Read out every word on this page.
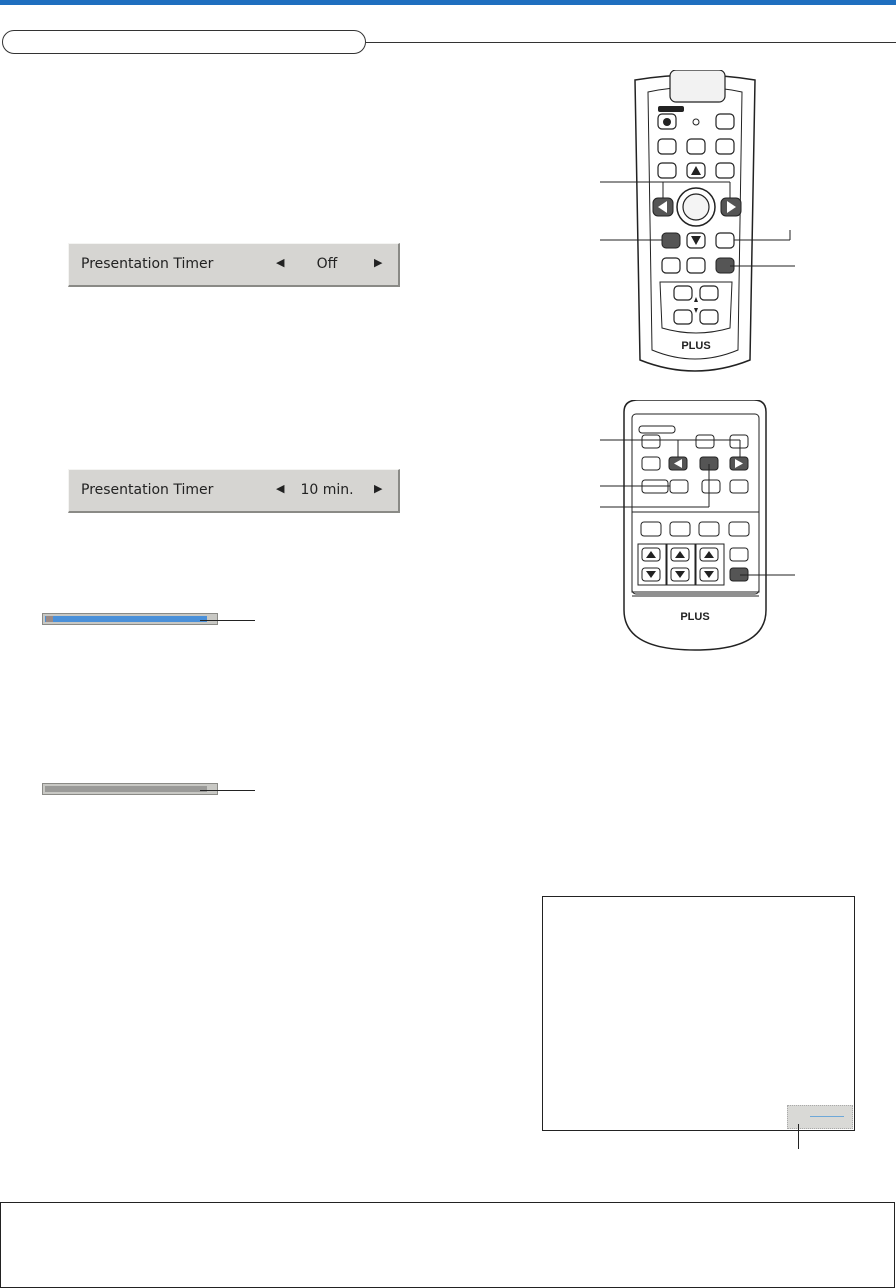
Presentation Timer	◀	Off	▶
Presentation Timer	◀	10 min.	▶
PLUS
PLUS
